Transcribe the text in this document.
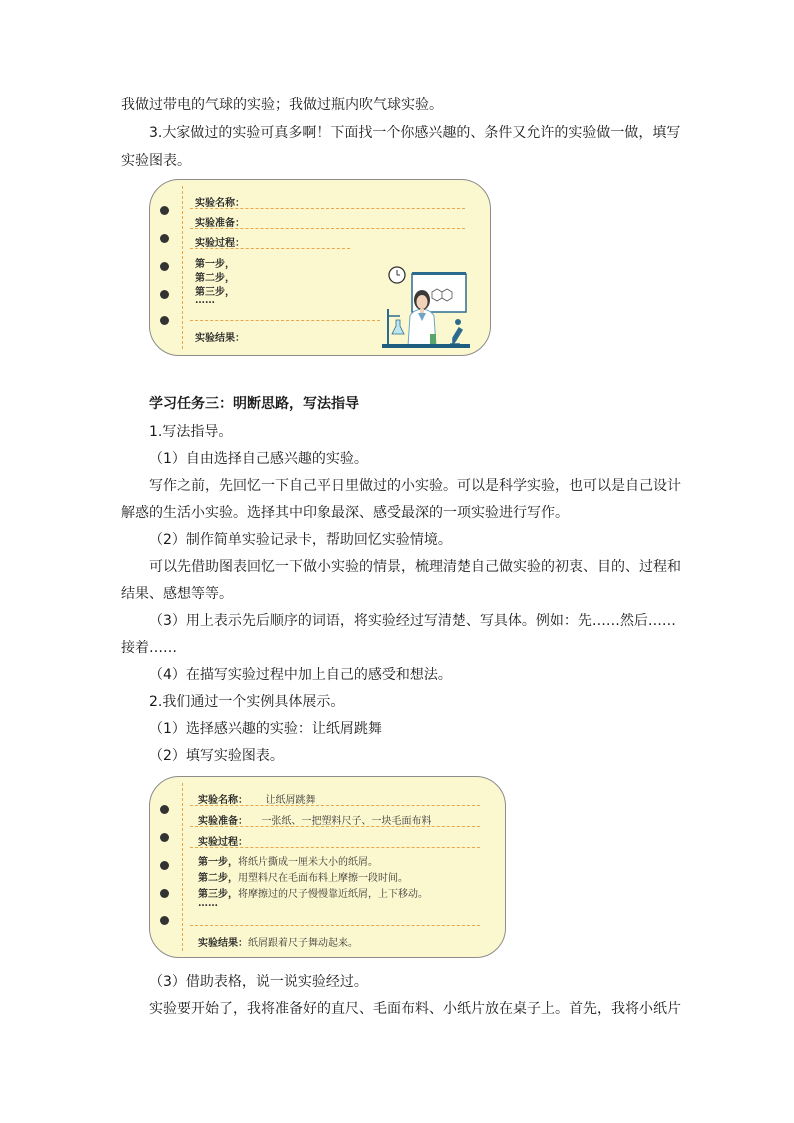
我做过带电的气球的实验；我做过瓶内吹气球实验。
3.大家做过的实验可真多啊！下面找一个你感兴趣的、条件又允许的实验做一做，填写
实验图表。
实验名称：
实验准备：
实验过程：
第一步，
第二步，
第三步，
……
实验结果：
学习任务三：明断思路，写法指导
1.写法指导。
（1）自由选择自己感兴趣的实验。
写作之前，先回忆一下自己平日里做过的小实验。可以是科学实验，也可以是自己设计
解惑的生活小实验。选择其中印象最深、感受最深的一项实验进行写作。
（2）制作简单实验记录卡，帮助回忆实验情境。
可以先借助图表回忆一下做小实验的情景，梳理清楚自己做实验的初衷、目的、过程和
结果、感想等等。
（3）用上表示先后顺序的词语，将实验经过写清楚、写具体。例如：先……然后……
接着……
（4）在描写实验过程中加上自己的感受和想法。
2.我们通过一个实例具体展示。
（1）选择感兴趣的实验：让纸屑跳舞
（2）填写实验图表。
实验名称： 让纸屑跳舞
实验准备： 一张纸、一把塑料尺子、一块毛面布料
实验过程：
第一步，将纸片撕成一厘米大小的纸屑。
第二步，用塑料尺在毛面布料上摩擦一段时间。
第三步，将摩擦过的尺子慢慢靠近纸屑，上下移动。
……
实验结果：纸屑跟着尺子舞动起来。
（3）借助表格，说一说实验经过。
实验要开始了，我将准备好的直尺、毛面布料、小纸片放在桌子上。首先，我将小纸片
